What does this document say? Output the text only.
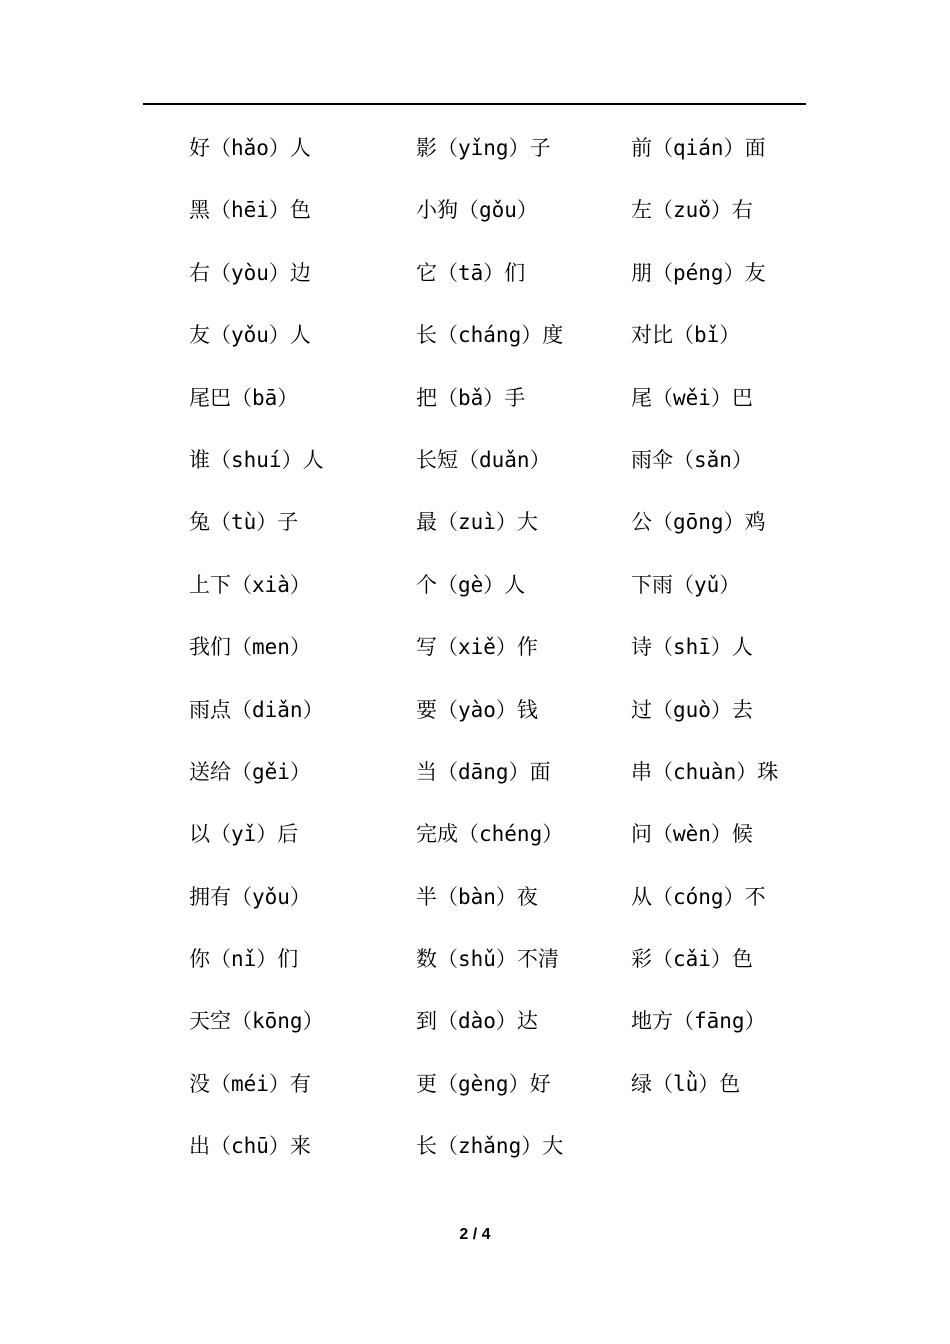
好（hǎo）人
黑（hēi）色
右（yòu）边
友（yǒu）人
尾巴（bā）
谁（shuí）人
兔（tù）子
上下（xià）
我们（men）
雨点（diǎn）
送给（gěi）
以（yǐ）后
拥有（yǒu）
你（nǐ）们
天空（kōng）
没（méi）有
出（chū）来
影（yǐng）子
小狗（gǒu）
它（tā）们
长（cháng）度
把（bǎ）手
长短（duǎn）
最（zuì）大
个（gè）人
写（xiě）作
要（yào）钱
当（dāng）面
完成（chéng）
半（bàn）夜
数（shǔ）不清
到（dào）达
更（gèng）好
长（zhǎng）大
前（qián）面
左（zuǒ）右
朋（péng）友
对比（bǐ）
尾（wěi）巴
雨伞（sǎn）
公（gōng）鸡
下雨（yǔ）
诗（shī）人
过（guò）去
串（chuàn）珠
问（wèn）候
从（cóng）不
彩（cǎi）色
地方（fāng）
绿（lǜ）色
2 / 4
